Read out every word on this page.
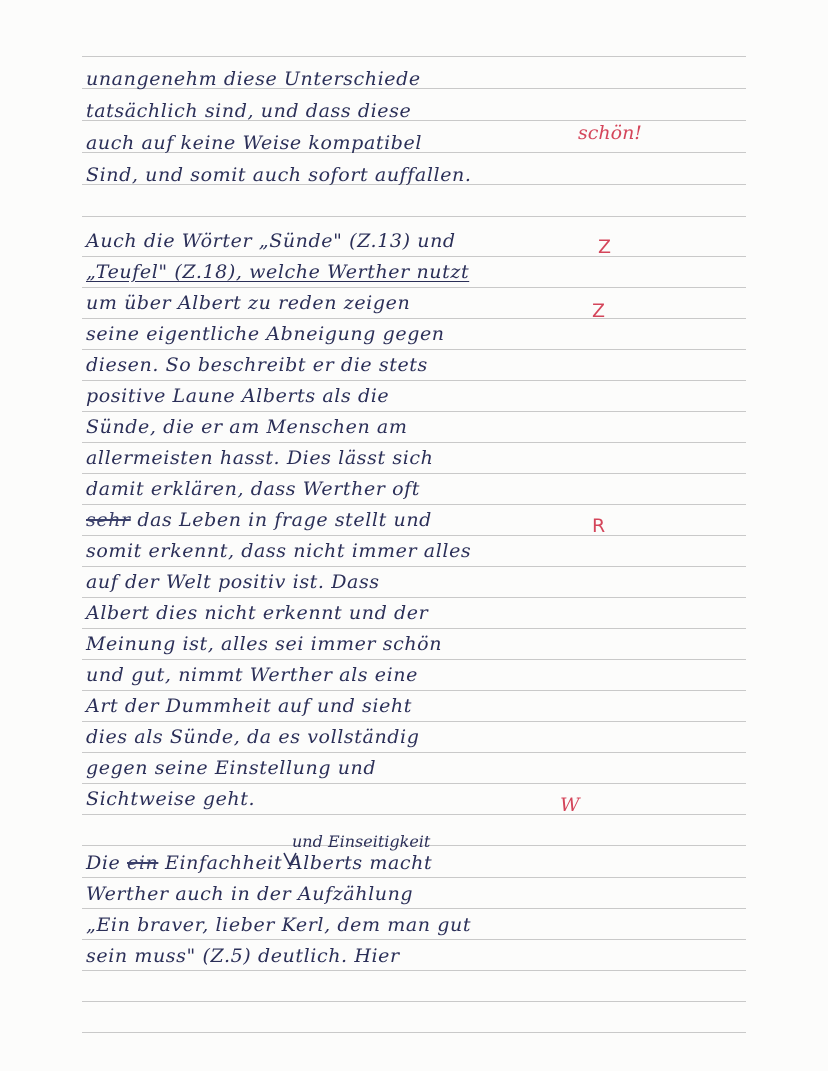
unangenehm diese Unterschiede
tatsächlich sind, und dass diese
auch auf keine Weise kompatibel
Sind, und somit auch sofort auffallen.
Auch die Wörter „Sünde" (Z.13) und
„Teufel" (Z.18), welche Werther nutzt
um über Albert zu reden zeigen
seine eigentliche Abneigung gegen
diesen. So beschreibt er die stets
positive Laune Alberts als die
Sünde, die er am Menschen am
allermeisten hasst. Dies lässt sich
damit erklären, dass Werther oft
sehr das Leben in frage stellt und
somit erkennt, dass nicht immer alles
auf der Welt positiv ist. Dass
Albert dies nicht erkennt und der
Meinung ist, alles sei immer schön
und gut, nimmt Werther als eine
Art der Dummheit auf und sieht
dies als Sünde, da es vollständig
gegen seine Einstellung und
Sichtweise geht.
und Einseitigkeit
Die ein Einfachheit Alberts macht
Werther auch in der Aufzählung
„Ein braver, lieber Kerl, dem man gut
sein muss" (Z.5) deutlich. Hier
schön!
Z
Z
R
W
